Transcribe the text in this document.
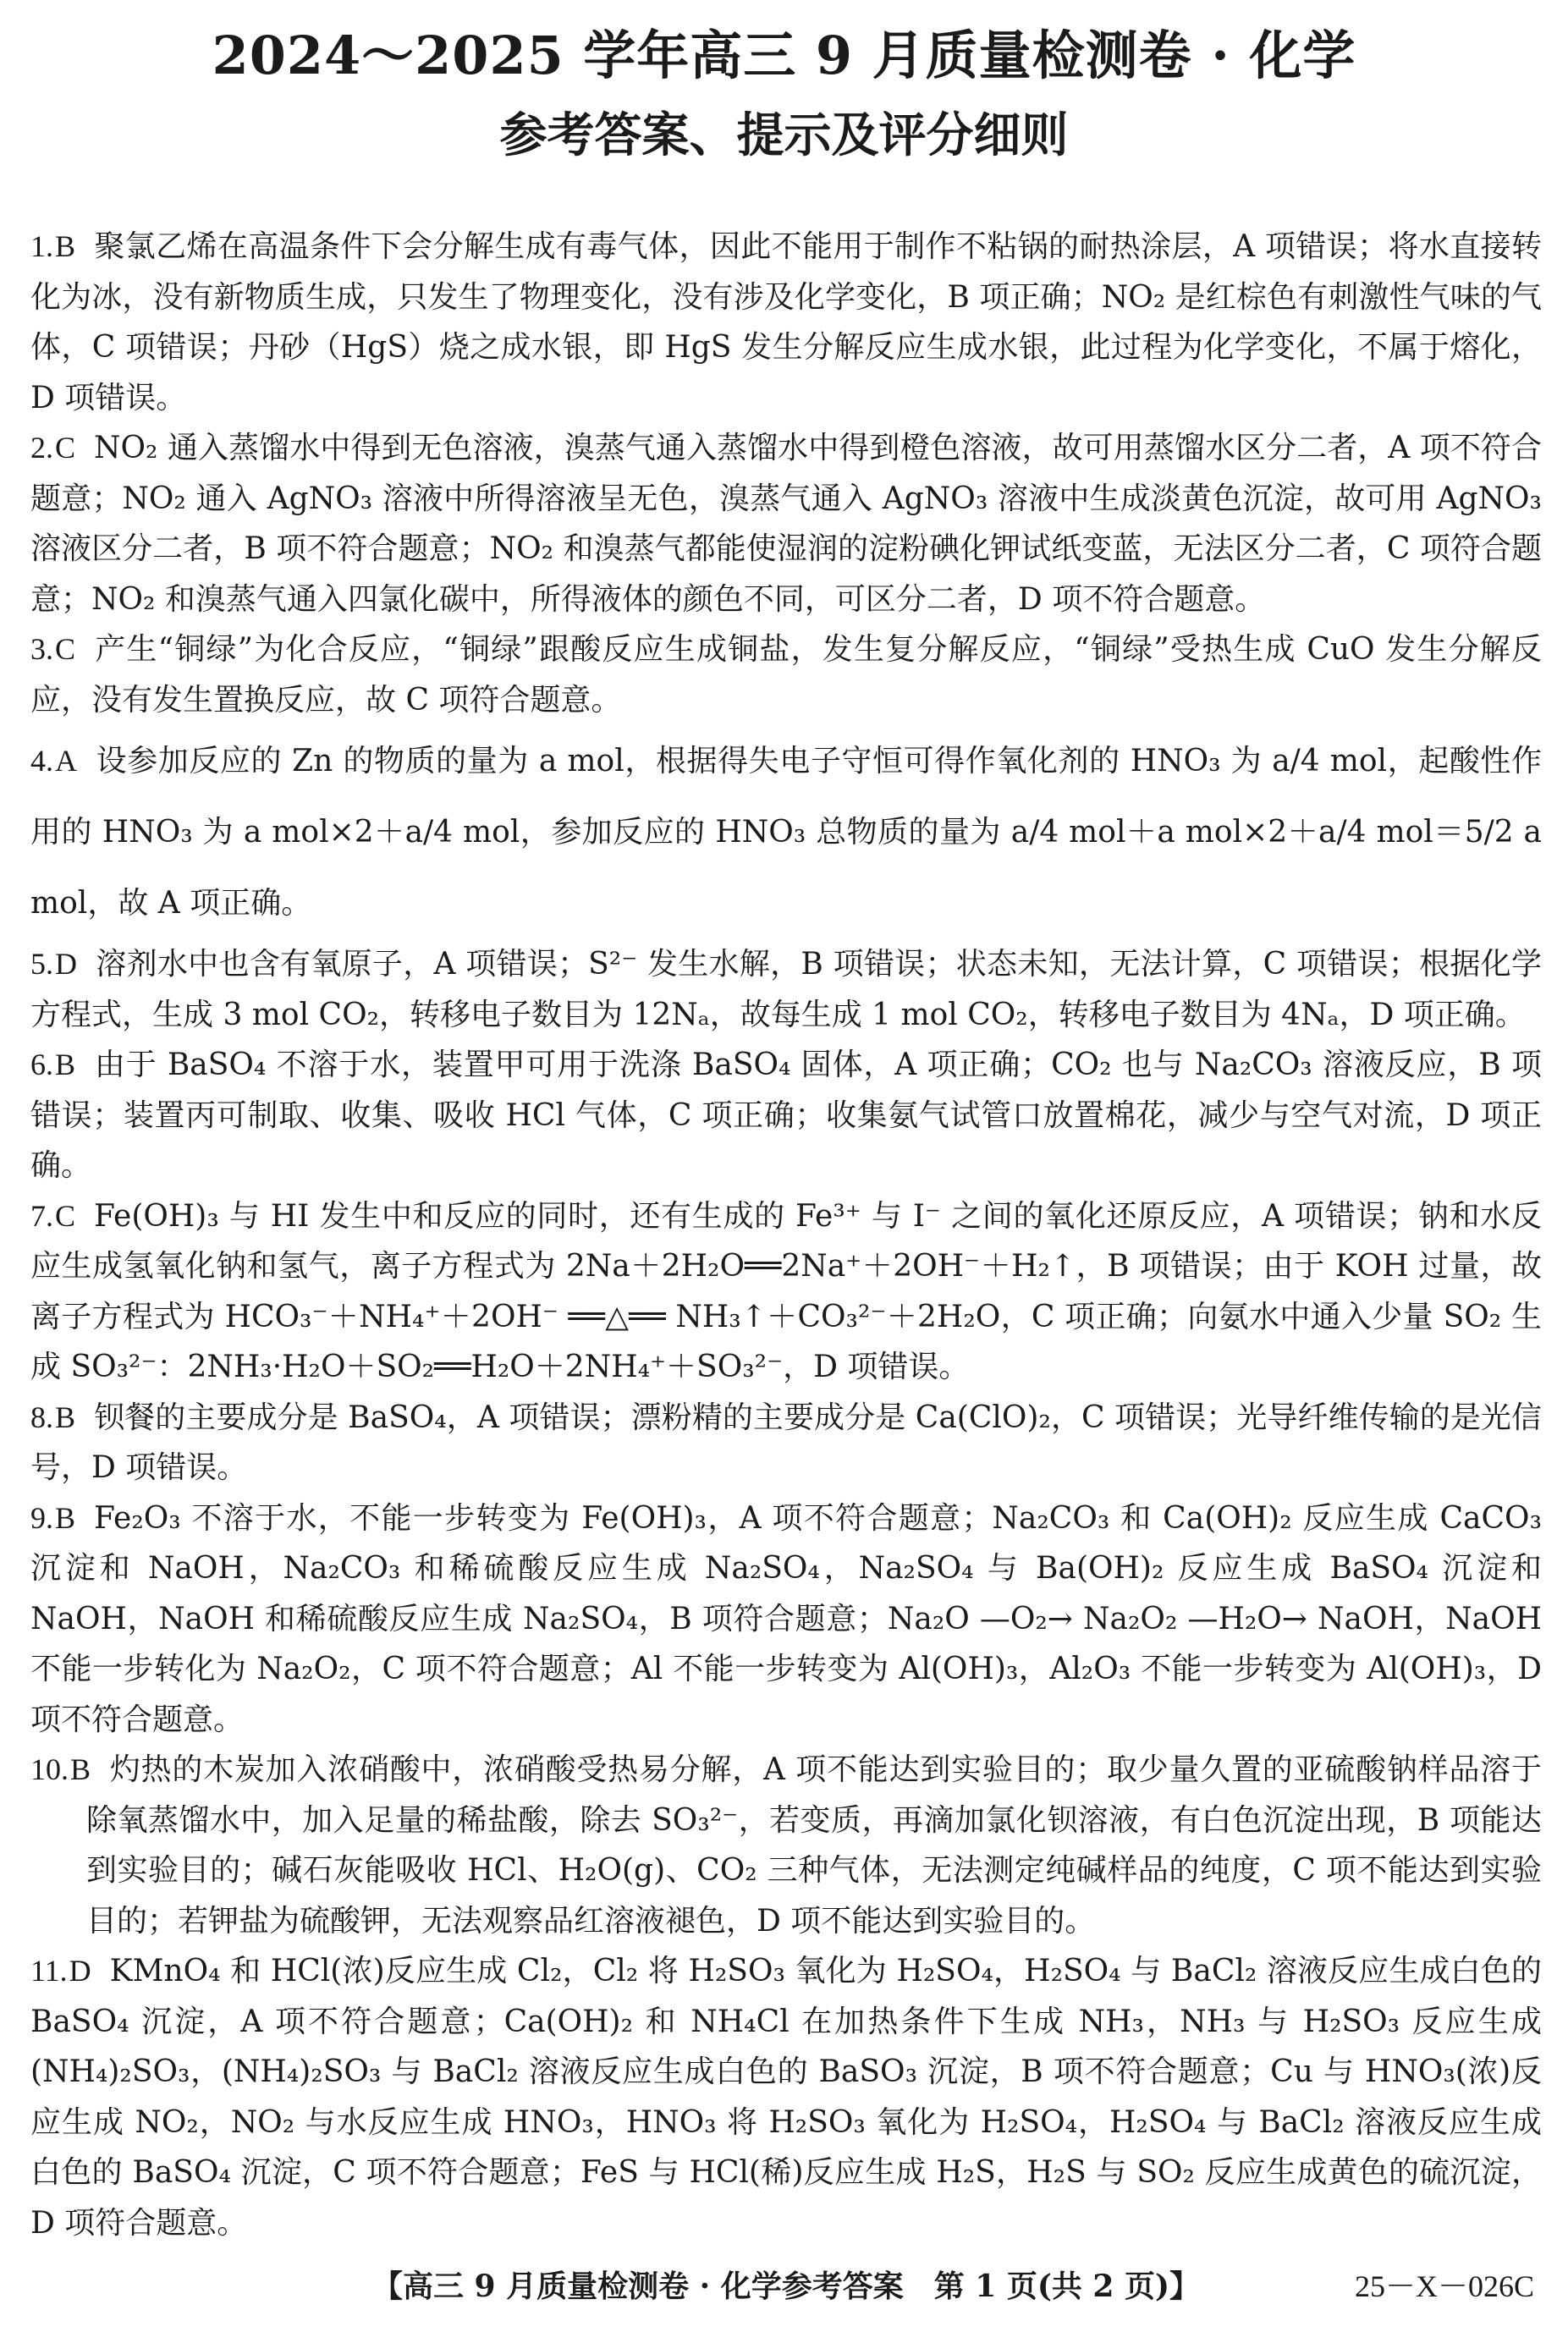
2024～2025 学年高三 9 月质量检测卷 · 化学
参考答案、提示及评分细则
1.B 聚氯乙烯在高温条件下会分解生成有毒气体，因此不能用于制作不粘锅的耐热涂层，A 项错误；将水直接转化为冰，没有新物质生成，只发生了物理变化，没有涉及化学变化，B 项正确；NO₂ 是红棕色有刺激性气味的气体，C 项错误；丹砂（HgS）烧之成水银，即 HgS 发生分解反应生成水银，此过程为化学变化，不属于熔化，D 项错误。
2.C NO₂ 通入蒸馏水中得到无色溶液，溴蒸气通入蒸馏水中得到橙色溶液，故可用蒸馏水区分二者，A 项不符合题意；NO₂ 通入 AgNO₃ 溶液中所得溶液呈无色，溴蒸气通入 AgNO₃ 溶液中生成淡黄色沉淀，故可用 AgNO₃ 溶液区分二者，B 项不符合题意；NO₂ 和溴蒸气都能使湿润的淀粉碘化钾试纸变蓝，无法区分二者，C 项符合题意；NO₂ 和溴蒸气通入四氯化碳中，所得液体的颜色不同，可区分二者，D 项不符合题意。
3.C 产生“铜绿”为化合反应，“铜绿”跟酸反应生成铜盐，发生复分解反应，“铜绿”受热生成 CuO 发生分解反应，没有发生置换反应，故 C 项符合题意。
4.A 设参加反应的 Zn 的物质的量为 a mol，根据得失电子守恒可得作氧化剂的 HNO₃ 为 a/4 mol，起酸性作用的 HNO₃ 为 a mol×2＋a/4 mol，参加反应的 HNO₃ 总物质的量为 a/4 mol＋a mol×2＋a/4 mol＝5/2 a mol，故 A 项正确。
5.D 溶剂水中也含有氧原子，A 项错误；S²⁻ 发生水解，B 项错误；状态未知，无法计算，C 项错误；根据化学方程式，生成 3 mol CO₂，转移电子数目为 12Nₐ，故每生成 1 mol CO₂，转移电子数目为 4Nₐ，D 项正确。
6.B 由于 BaSO₄ 不溶于水，装置甲可用于洗涤 BaSO₄ 固体，A 项正确；CO₂ 也与 Na₂CO₃ 溶液反应，B 项错误；装置丙可制取、收集、吸收 HCl 气体，C 项正确；收集氨气试管口放置棉花，减少与空气对流，D 项正确。
7.C Fe(OH)₃ 与 HI 发生中和反应的同时，还有生成的 Fe³⁺ 与 I⁻ 之间的氧化还原反应，A 项错误；钠和水反应生成氢氧化钠和氢气，离子方程式为 2Na＋2H₂O══2Na⁺＋2OH⁻＋H₂↑，B 项错误；由于 KOH 过量，故离子方程式为 HCO₃⁻＋NH₄⁺＋2OH⁻ ══△══ NH₃↑＋CO₃²⁻＋2H₂O，C 项正确；向氨水中通入少量 SO₂ 生成 SO₃²⁻：2NH₃·H₂O＋SO₂══H₂O＋2NH₄⁺＋SO₃²⁻，D 项错误。
8.B 钡餐的主要成分是 BaSO₄，A 项错误；漂粉精的主要成分是 Ca(ClO)₂，C 项错误；光导纤维传输的是光信号，D 项错误。
9.B Fe₂O₃ 不溶于水，不能一步转变为 Fe(OH)₃，A 项不符合题意；Na₂CO₃ 和 Ca(OH)₂ 反应生成 CaCO₃ 沉淀和 NaOH，Na₂CO₃ 和稀硫酸反应生成 Na₂SO₄，Na₂SO₄ 与 Ba(OH)₂ 反应生成 BaSO₄ 沉淀和 NaOH，NaOH 和稀硫酸反应生成 Na₂SO₄，B 项符合题意；Na₂O —O₂→ Na₂O₂ —H₂O→ NaOH，NaOH 不能一步转化为 Na₂O₂，C 项不符合题意；Al 不能一步转变为 Al(OH)₃，Al₂O₃ 不能一步转变为 Al(OH)₃，D 项不符合题意。
10.B 灼热的木炭加入浓硝酸中，浓硝酸受热易分解，A 项不能达到实验目的；取少量久置的亚硫酸钠样品溶于除氧蒸馏水中，加入足量的稀盐酸，除去 SO₃²⁻，若变质，再滴加氯化钡溶液，有白色沉淀出现，B 项能达到实验目的；碱石灰能吸收 HCl、H₂O(g)、CO₂ 三种气体，无法测定纯碱样品的纯度，C 项不能达到实验目的；若钾盐为硫酸钾，无法观察品红溶液褪色，D 项不能达到实验目的。
11.D KMnO₄ 和 HCl(浓)反应生成 Cl₂，Cl₂ 将 H₂SO₃ 氧化为 H₂SO₄，H₂SO₄ 与 BaCl₂ 溶液反应生成白色的 BaSO₄ 沉淀，A 项不符合题意；Ca(OH)₂ 和 NH₄Cl 在加热条件下生成 NH₃，NH₃ 与 H₂SO₃ 反应生成(NH₄)₂SO₃，(NH₄)₂SO₃ 与 BaCl₂ 溶液反应生成白色的 BaSO₃ 沉淀，B 项不符合题意；Cu 与 HNO₃(浓)反应生成 NO₂，NO₂ 与水反应生成 HNO₃，HNO₃ 将 H₂SO₃ 氧化为 H₂SO₄，H₂SO₄ 与 BaCl₂ 溶液反应生成白色的 BaSO₄ 沉淀，C 项不符合题意；FeS 与 HCl(稀)反应生成 H₂S，H₂S 与 SO₂ 反应生成黄色的硫沉淀，D 项符合题意。
【高三 9 月质量检测卷 · 化学参考答案　第 1 页(共 2 页)】	25－X－026C
